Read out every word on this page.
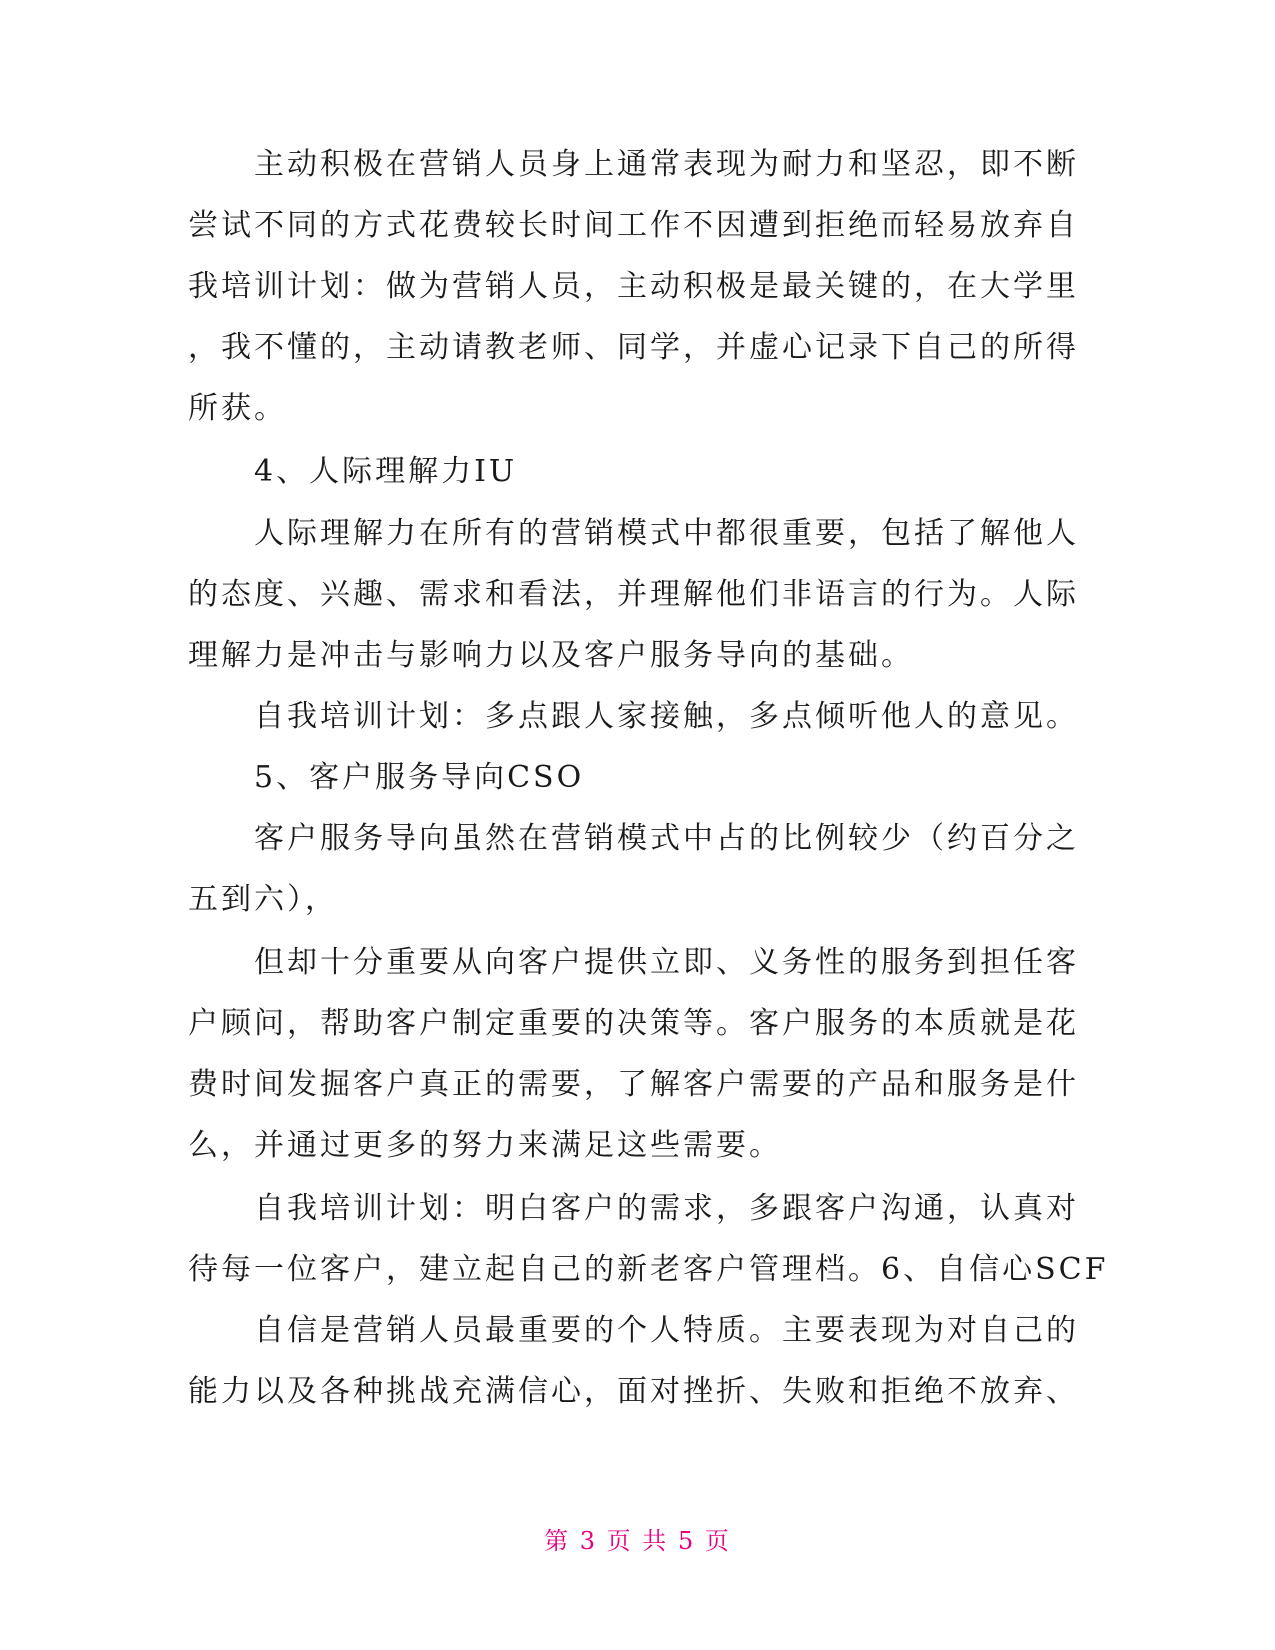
　　主动积极在营销人员身上通常表现为耐力和坚忍，即不断
尝试不同的方式花费较长时间工作不因遭到拒绝而轻易放弃自
我培训计划：做为营销人员，主动积极是最关键的，在大学里
，我不懂的，主动请教老师、同学，并虚心记录下自己的所得
所获。
　　4、人际理解力IU
　　人际理解力在所有的营销模式中都很重要，包括了解他人
的态度、兴趣、需求和看法，并理解他们非语言的行为。人际
理解力是冲击与影响力以及客户服务导向的基础。
　　自我培训计划：多点跟人家接触，多点倾听他人的意见。
　　5、客户服务导向CSO
　　客户服务导向虽然在营销模式中占的比例较少（约百分之
五到六），
　　但却十分重要从向客户提供立即、义务性的服务到担任客
户顾问，帮助客户制定重要的决策等。客户服务的本质就是花
费时间发掘客户真正的需要，了解客户需要的产品和服务是什
么，并通过更多的努力来满足这些需要。
　　自我培训计划：明白客户的需求，多跟客户沟通，认真对
待每一位客户，建立起自己的新老客户管理档。6、自信心SCF
　　自信是营销人员最重要的个人特质。主要表现为对自己的
能力以及各种挑战充满信心，面对挫折、失败和拒绝不放弃、
第 3 页 共 5 页
